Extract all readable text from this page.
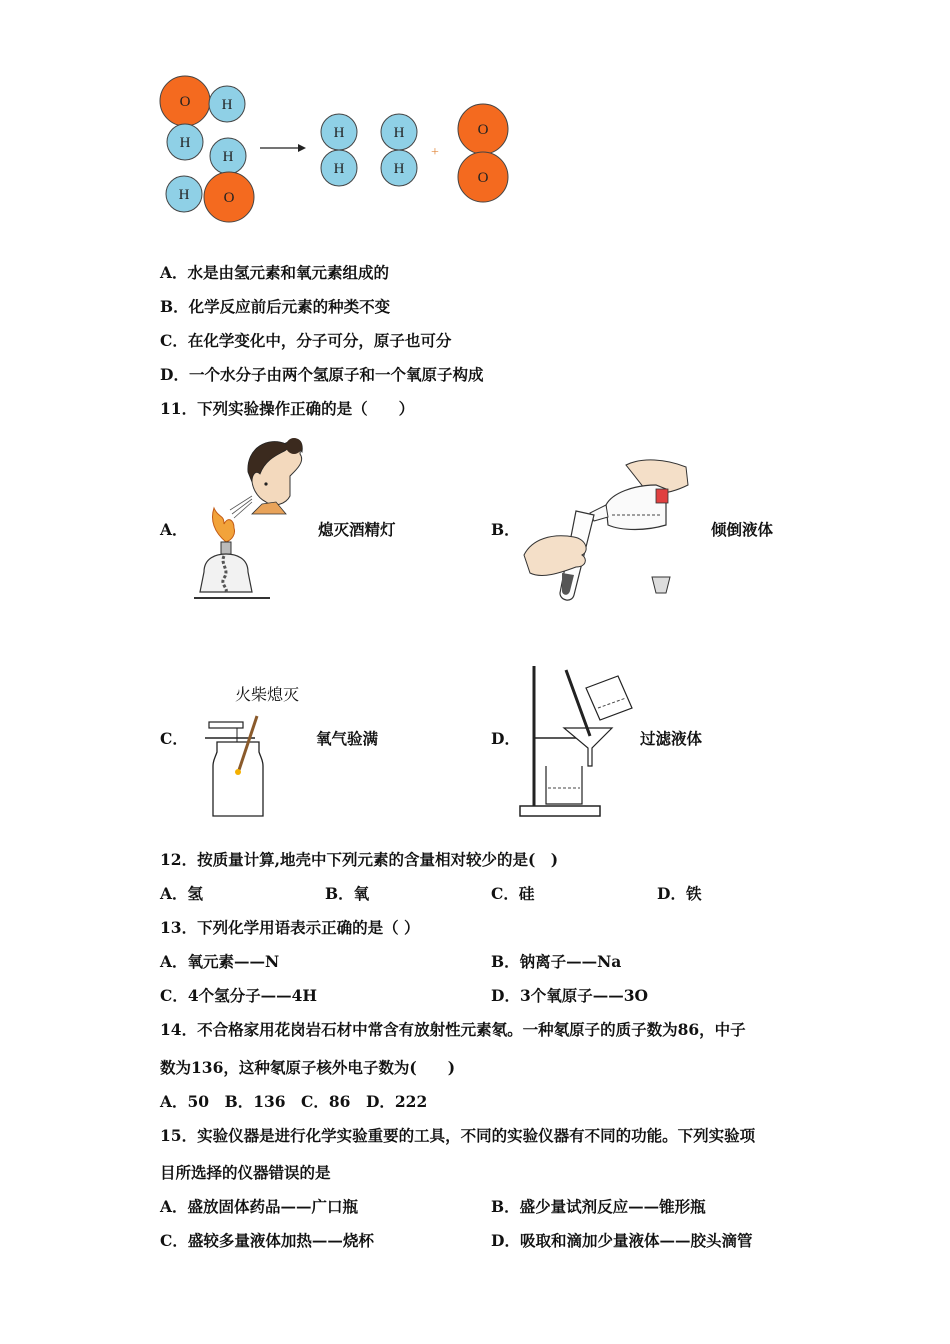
O H
H
H
H O
H
H
H
H
O
O
+
A．水是由氢元素和氧元素组成的
B．化学反应前后元素的种类不变
C．在化学变化中，分子可分，原子也可分
D．一个水分子由两个氢原子和一个氧原子构成
11．下列实验操作正确的是（　　）
A．	熄灭酒精灯	B．	倾倒液体
C．	氧气验满	D．	过滤液体
火柴熄灭
12．按质量计算,地壳中下列元素的含量相对较少的是(　)
A．氢	B．氧	C．硅	D．铁
13．下列化学用语表示正确的是（ ）
A．氧元素——N	B．钠离子——Na
C．4个氢分子——4H	D．3个氧原子——3O
14．不合格家用花岗岩石材中常含有放射性元素氡。一种氡原子的质子数为86，中子
数为136，这种氡原子核外电子数为(　　)
A．50　B．136　C．86　D．222
15．实验仪器是进行化学实验重要的工具，不同的实验仪器有不同的功能。下列实验项
目所选择的仪器错误的是
A．盛放固体药品——广口瓶	B．盛少量试剂反应——锥形瓶
C．盛较多量液体加热——烧杯	D．吸取和滴加少量液体——胶头滴管
